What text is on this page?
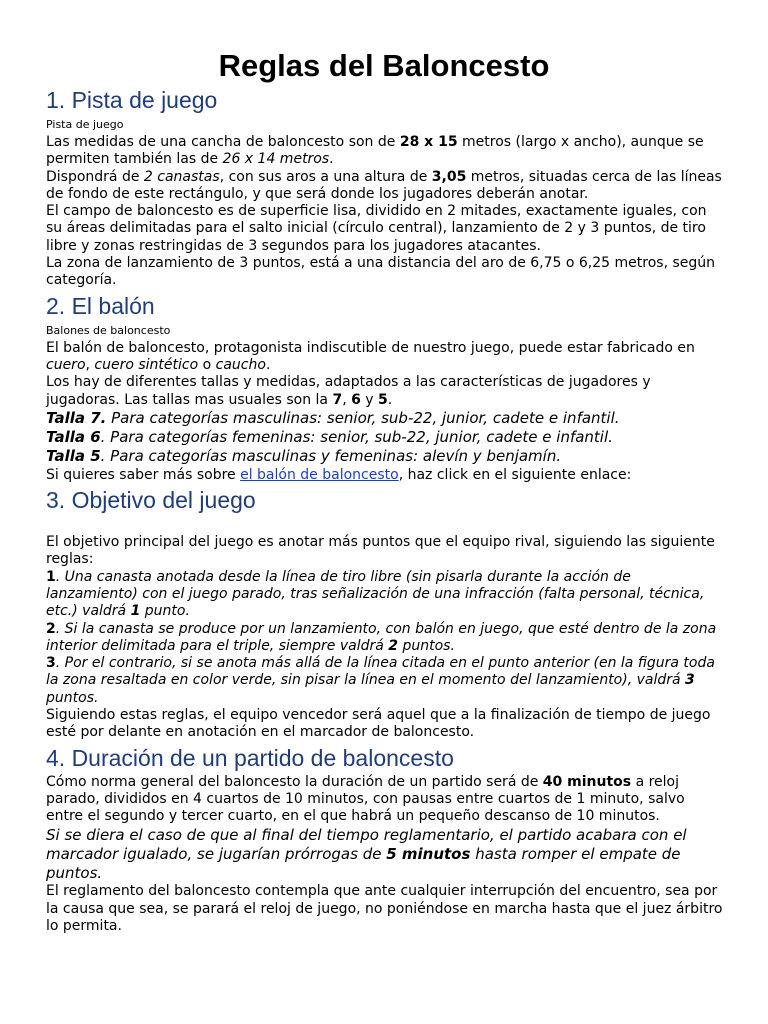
Reglas del Baloncesto
1. Pista de juego
Pista de juego

Las medidas de una cancha de baloncesto son de 28 x 15 metros (largo x ancho), aunque se permiten también las de 26 x 14 metros.

Dispondrá de 2 canastas, con sus aros a una altura de 3,05 metros, situadas cerca de las líneas de fondo de este rectángulo, y que será donde los jugadores deberán anotar.

El campo de baloncesto es de superficie lisa, dividido en 2 mitades, exactamente iguales, con su áreas delimitadas para el salto inicial (círculo central), lanzamiento de 2 y 3 puntos, de tiro libre y zonas restringidas de 3 segundos para los jugadores atacantes.

La zona de lanzamiento de 3 puntos, está a una distancia del aro de 6,75 o 6,25 metros, según categoría.

2. El balón
Balones de baloncesto

El balón de baloncesto, protagonista indiscutible de nuestro juego, puede estar fabricado en cuero, cuero sintético o caucho.

Los hay de diferentes tallas y medidas, adaptados a las características de jugadores y jugadoras. Las tallas mas usuales son la 7, 6 y 5.

Talla 7. Para categorías masculinas: senior, sub-22, junior, cadete e infantil.

Talla 6. Para categorías femeninas: senior, sub-22, junior, cadete e infantil.

Talla 5. Para categorías masculinas y femeninas: alevín y benjamín.

Si quieres saber más sobre el balón de baloncesto, haz click en el siguiente enlace:

3. Objetivo del juego

El objetivo principal del juego es anotar más puntos que el equipo rival, siguiendo las siguiente reglas:

1. Una canasta anotada desde la línea de tiro libre (sin pisarla durante la acción de lanzamiento) con el juego parado, tras señalización de una infracción (falta personal, técnica, etc.) valdrá 1 punto.

2. Si la canasta se produce por un lanzamiento, con balón en juego, que esté dentro de la zona interior delimitada para el triple, siempre valdrá 2 puntos.

3. Por el contrario, si se anota más allá de la línea citada en el punto anterior (en la figura toda la zona resaltada en color verde, sin pisar la línea en el momento del lanzamiento), valdrá 3 puntos.

Siguiendo estas reglas, el equipo vencedor será aquel que a la finalización de tiempo de juego esté por delante en anotación en el marcador de baloncesto.

4. Duración de un partido de baloncesto

Cómo norma general del baloncesto la duración de un partido será de 40 minutos a reloj parado, divididos en 4 cuartos de 10 minutos, con pausas entre cuartos de 1 minuto, salvo entre el segundo y tercer cuarto, en el que habrá un pequeño descanso de 10 minutos.

Si se diera el caso de que al final del tiempo reglamentario, el partido acabara con el marcador igualado, se jugarían prórrogas de 5 minutos hasta romper el empate de puntos.

El reglamento del baloncesto contempla que ante cualquier interrupción del encuentro, sea por la causa que sea, se parará el reloj de juego, no poniéndose en marcha hasta que el juez árbitro lo permita.
